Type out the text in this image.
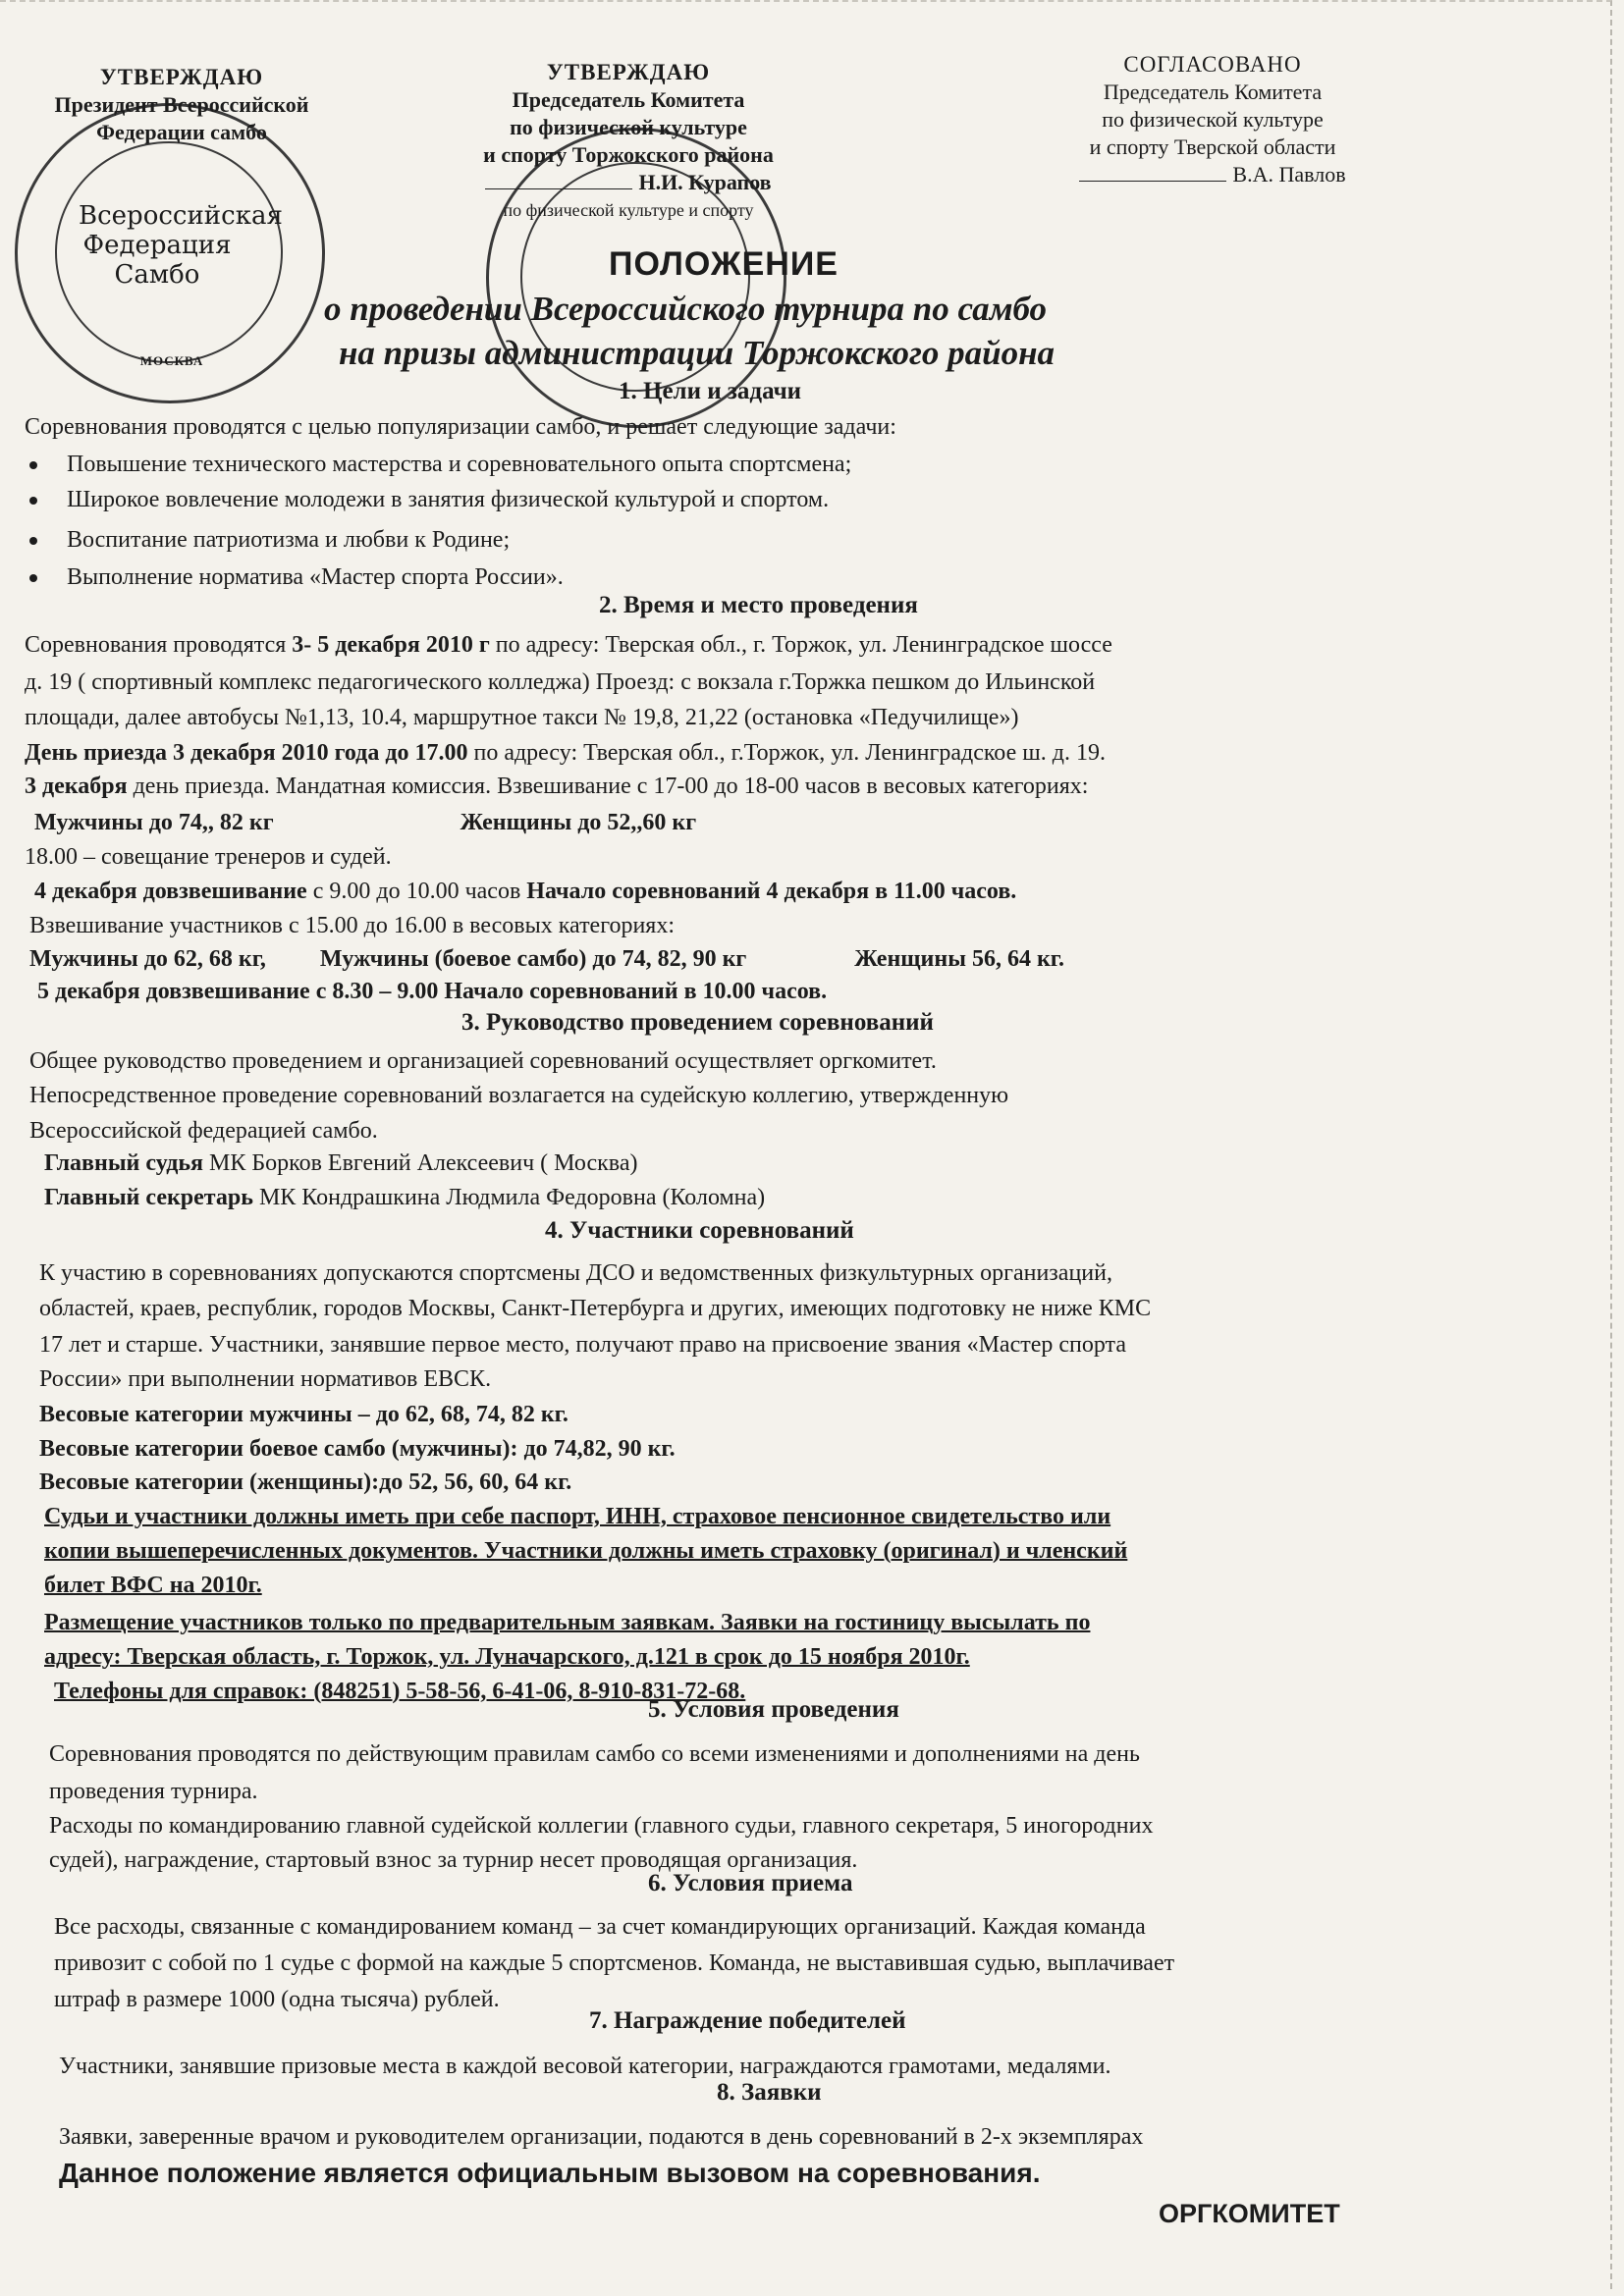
Всероссийская Федерация Самбо
МОСКВА
УТВЕРЖДАЮ
Президент Всероссийской
Федерации самбо
УТВЕРЖДАЮ
Председатель Комитета
по физической культуре
и спорту Торжокского района
Н.И. Курапов
по физической культуре и спорту
СОГЛАСОВАНО
Председатель Комитета
по физической культуре
и спорту Тверской области
В.А. Павлов
ПОЛОЖЕНИЕ
о проведении Всероссийского турнира по самбо
на призы администрации Торжокского района
1. Цели и задачи
Соревнования проводятся с целью популяризации самбо, и решает следующие задачи:
Повышение технического мастерства и соревновательного опыта спортсмена;
Широкое вовлечение молодежи в занятия физической культурой и спортом.
Воспитание патриотизма и любви к Родине;
Выполнение норматива «Мастер спорта России».
2. Время и место проведения
Соревнования проводятся 3- 5 декабря 2010 г по адресу: Тверская обл., г. Торжок, ул. Ленинградское шоссе
д. 19 ( спортивный комплекс педагогического колледжа) Проезд: с вокзала г.Торжка пешком до Ильинской
площади, далее автобусы №1,13, 10.4, маршрутное такси № 19,8, 21,22 (остановка «Педучилище»)
День приезда 3 декабря 2010 года до 17.00 по адресу: Тверская обл., г.Торжок, ул. Ленинградское ш. д. 19.
3 декабря день приезда. Мандатная комиссия. Взвешивание с 17-00 до 18-00 часов в весовых категориях:
Мужчины до 74,, 82 кг	Женщины до 52,,60 кг
18.00 – совещание тренеров и судей.
4 декабря довзвешивание с 9.00 до 10.00 часов Начало соревнований 4 декабря в 11.00 часов.
Взвешивание участников с 15.00 до 16.00 в весовых категориях:
Мужчины до 62, 68 кг, Мужчины (боевое самбо) до 74, 82, 90 кг	Женщины 56, 64 кг.
5 декабря довзвешивание с 8.30 – 9.00 Начало соревнований в 10.00 часов.
3. Руководство проведением соревнований
Общее руководство проведением и организацией соревнований осуществляет оргкомитет.
Непосредственное проведение соревнований возлагается на судейскую коллегию, утвержденную
Всероссийской федерацией самбо.
Главный судья МК Борков Евгений Алексеевич ( Москва)
Главный секретарь МК Кондрашкина Людмила Федоровна (Коломна)
4. Участники соревнований
К участию в соревнованиях допускаются спортсмены ДСО и ведомственных физкультурных организаций,
областей, краев, республик, городов Москвы, Санкт-Петербурга и других, имеющих подготовку не ниже КМС
17 лет и старше. Участники, занявшие первое место, получают право на присвоение звания «Мастер спорта
России» при выполнении нормативов ЕВСК.
Весовые категории мужчины – до 62, 68, 74, 82 кг.
Весовые категории боевое самбо (мужчины): до 74,82, 90 кг.
Весовые категории (женщины):до 52, 56, 60, 64 кг.
Судьи и участники должны иметь при себе паспорт, ИНН, страховое пенсионное свидетельство или
копии вышеперечисленных документов. Участники должны иметь страховку (оригинал) и членский
билет ВФС на 2010г.
Размещение участников только по предварительным заявкам. Заявки на гостиницу высылать по
адресу: Тверская область, г. Торжок, ул. Луначарского, д.121 в срок до 15 ноября 2010г.
Телефоны для справок: (848251) 5-58-56, 6-41-06, 8-910-831-72-68.
5. Условия проведения
Соревнования проводятся по действующим правилам самбо со всеми изменениями и дополнениями на день
проведения турнира.
Расходы по командированию главной судейской коллегии (главного судьи, главного секретаря, 5 иногородних
судей), награждение, стартовый взнос за турнир несет проводящая организация.
6. Условия приема
Все расходы, связанные с командированием команд – за счет командирующих организаций. Каждая команда
привозит с собой по 1 судье с формой на каждые 5 спортсменов. Команда, не выставившая судью, выплачивает
штраф в размере 1000 (одна тысяча) рублей.
7. Награждение победителей
Участники, занявшие призовые места в каждой весовой категории, награждаются грамотами, медалями.
8. Заявки
Заявки, заверенные врачом и руководителем организации, подаются в день соревнований в 2-х экземплярах
Данное положение является официальным вызовом на соревнования.
ОРГКОМИТЕТ
